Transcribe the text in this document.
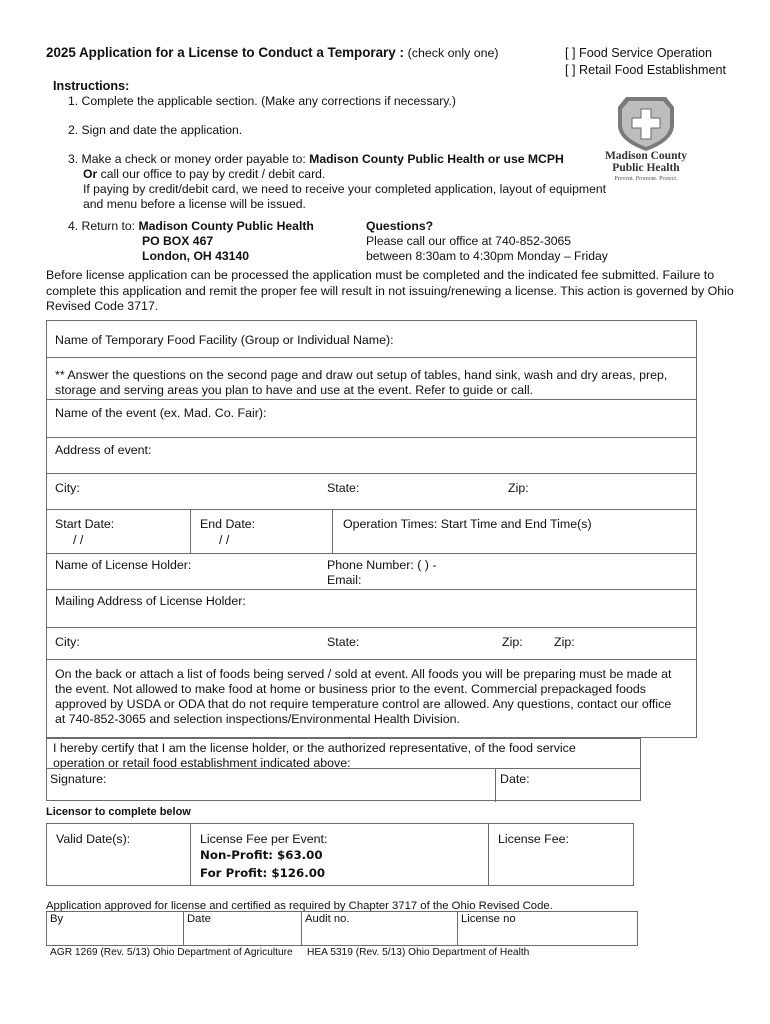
2025 Application for a License to Conduct a Temporary : (check only one)	[ ] Food Service Operation
[ ] Retail Food Establishment
Instructions:
1. Complete the applicable section. (Make any corrections if necessary.)
2. Sign and date the application.
3. Make a check or money order payable to: Madison County Public Health or use MCPH
Or call our office to pay by credit / debit card.
If paying by credit/debit card, we need to receive your completed application, layout of equipment
and menu before a license will be issued.
4. Return to: Madison County Public Health
PO BOX 467
London, OH 43140
Questions?
Please call our office at 740-852-3065
between 8:30am to 4:30pm Monday – Friday
Madison County
Public Health
Prevent. Promote. Protect.
Before license application can be processed the application must be completed and the indicated fee submitted. Failure to complete this application and remit the proper fee will result in not issuing/renewing a license. This action is governed by Ohio Revised Code 3717.
Name of Temporary Food Facility (Group or Individual Name):
** Answer the questions on the second page and draw out setup of tables, hand sink, wash and dry areas, prep,
storage and serving areas you plan to have and use at the event. Refer to guide or call.
Name of the event (ex. Mad. Co. Fair):
Address of event:
City:	State:	Zip:
Start Date:
/ /
End Date:
/ /
Operation Times: Start Time and End Time(s)
Name of License Holder:	Phone Number: ( ) -
Email:
Mailing Address of License Holder:
City:	State:	Zip:	Zip:
On the back or attach a list of foods being served / sold at event. All foods you will be preparing must be made at
the event. Not allowed to make food at home or business prior to the event. Commercial prepackaged foods
approved by USDA or ODA that do not require temperature control are allowed. Any questions, contact our office
at 740-852-3065 and selection inspections/Environmental Health Division.
I hereby certify that I am the license holder, or the authorized representative, of the food service
operation or retail food establishment indicated above:
Signature:	Date:
Licensor to complete below
Valid Date(s):	License Fee per Event:
Non-Profit: $63.00
For Profit: $126.00
License Fee:
Application approved for license and certified as required by Chapter 3717 of the Ohio Revised Code.
By	Date	Audit no.	License no
AGR 1269 (Rev. 5/13) Ohio Department of Agriculture HEA 5319 (Rev. 5/13) Ohio Department of Health
